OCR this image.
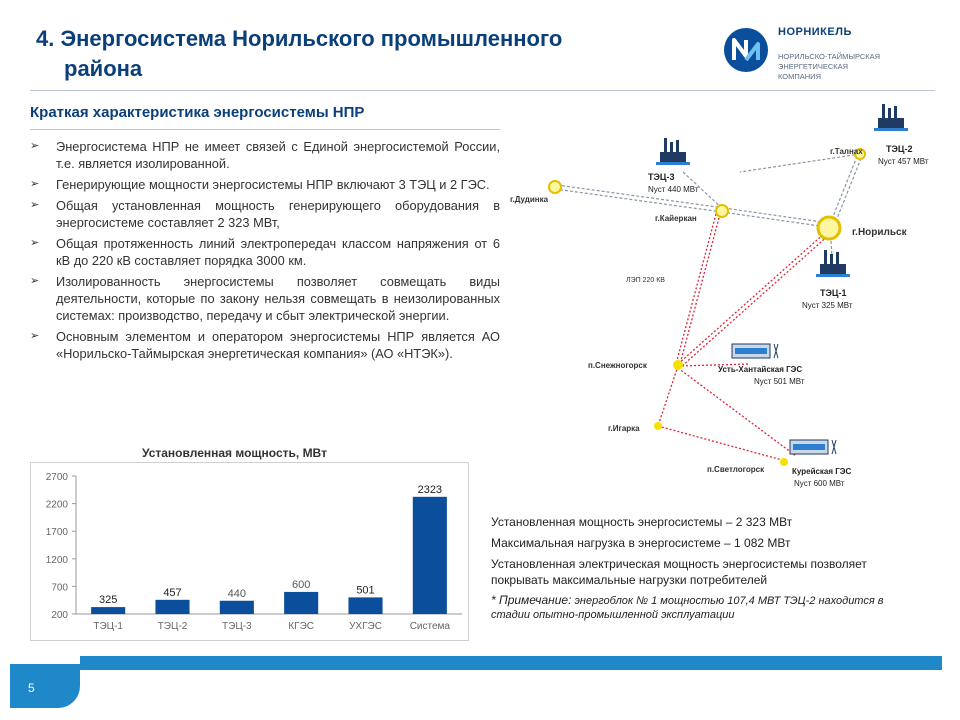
4. Энергосистема Норильского промышленного
района
НОРНИКЕЛЬ
НОРИЛЬСКО-ТАЙМЫРСКАЯ
ЭНЕРГЕТИЧЕСКАЯ
КОМПАНИЯ
Краткая характеристика энергосистемы НПР
➢ Энергосистема НПР не имеет связей с Единой энергосистемой России, т.е. является изолированной.
➢ Генерирующие мощности энергосистемы НПР включают 3 ТЭЦ и 2 ГЭС.
➢ Общая установленная мощность генерирующего оборудования в энергосистеме составляет 2 323 МВт,
➢ Общая протяженность линий электропередач классом напряжения от 6 кВ до 220 кВ составляет порядка 3000 км.
➢ Изолированность энергосистемы позволяет совмещать виды деятельности, которые по закону нельзя совмещать в неизолированных системах: производство, передачу и сбыт электрической энергии.
➢ Основным элементом и оператором энергосистемы НПР является АО «Норильско-Таймырская энергетическая компания» (АО «НТЭК»).
Установленная мощность, МВт
200
700
1200
1700
2200
2700
325
ТЭЦ-1
457
ТЭЦ-2
440
ТЭЦ-3
600
КГЭС
501
УХГЭС
2323
Система
г.Дудинка
г.Кайеркан
г.Талнах
г.Норильск
п.Снежногорск
г.Игарка
п.Светлогорск
ТЭЦ-3
Nуст 440 МВт
ТЭЦ-2
Nуст 457 МВт
ТЭЦ-1
Nуст 325 МВт
Усть-Хантайская ГЭС
Nуст 501 МВт
Курейская ГЭС
Nуст 600 МВт
ЛЭП 220 КВ

Установленная мощность энергосистемы – 2 323 МВт

Максимальная нагрузка в энергосистеме – 1 082 МВт

Установленная электрическая мощность энергосистемы позволяет покрывать максимальные нагрузки потребителей

* Примечание: энергоблок № 1 мощностью 107,4 МВТ ТЭЦ-2 находится в стадии опытно-промышленной эксплуатации

5
